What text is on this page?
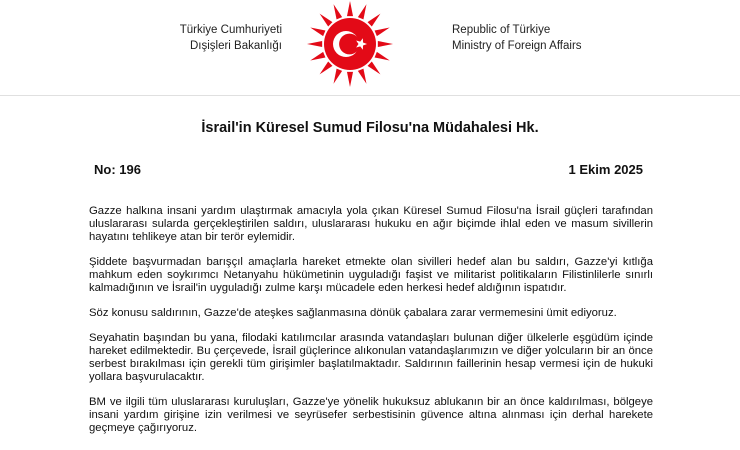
Türkiye Cumhuriyeti
Dışişleri Bakanlığı
Republic of Türkiye
Ministry of Foreign Affairs
İsrail'in Küresel Sumud Filosu'na Müdahalesi Hk.
No: 196	1 Ekim 2025

Gazze halkına insani yardım ulaştırmak amacıyla yola çıkan Küresel Sumud Filosu'na İsrail güçleri tarafından uluslararası sularda gerçekleştirilen saldırı, uluslararası hukuku en ağır biçimde ihlal eden ve masum sivillerin hayatını tehlikeye atan bir terör eylemidir.

Şiddete başvurmadan barışçıl amaçlarla hareket etmekte olan sivilleri hedef alan bu saldırı, Gazze'yi kıtlığa mahkum eden soykırımcı Netanyahu hükümetinin uyguladığı faşist ve militarist politikaların Filistinlilerle sınırlı kalmadığının ve İsrail'in uyguladığı zulme karşı mücadele eden herkesi hedef aldığının ispatıdır.

Söz konusu saldırının, Gazze'de ateşkes sağlanmasına dönük çabalara zarar vermemesini ümit ediyoruz.

Seyahatin başından bu yana, filodaki katılımcılar arasında vatandaşları bulunan diğer ülkelerle eşgüdüm içinde hareket edilmektedir. Bu çerçevede, İsrail güçlerince alıkonulan vatandaşlarımızın ve diğer yolcuların bir an önce serbest bırakılması için gerekli tüm girişimler başlatılmaktadır. Saldırının faillerinin hesap vermesi için de hukuki yollara başvurulacaktır.

BM ve ilgili tüm uluslararası kuruluşları, Gazze'ye yönelik hukuksuz ablukanın bir an önce kaldırılması, bölgeye insani yardım girişine izin verilmesi ve seyrüsefer serbestisinin güvence altına alınması için derhal harekete geçmeye çağırıyoruz.
